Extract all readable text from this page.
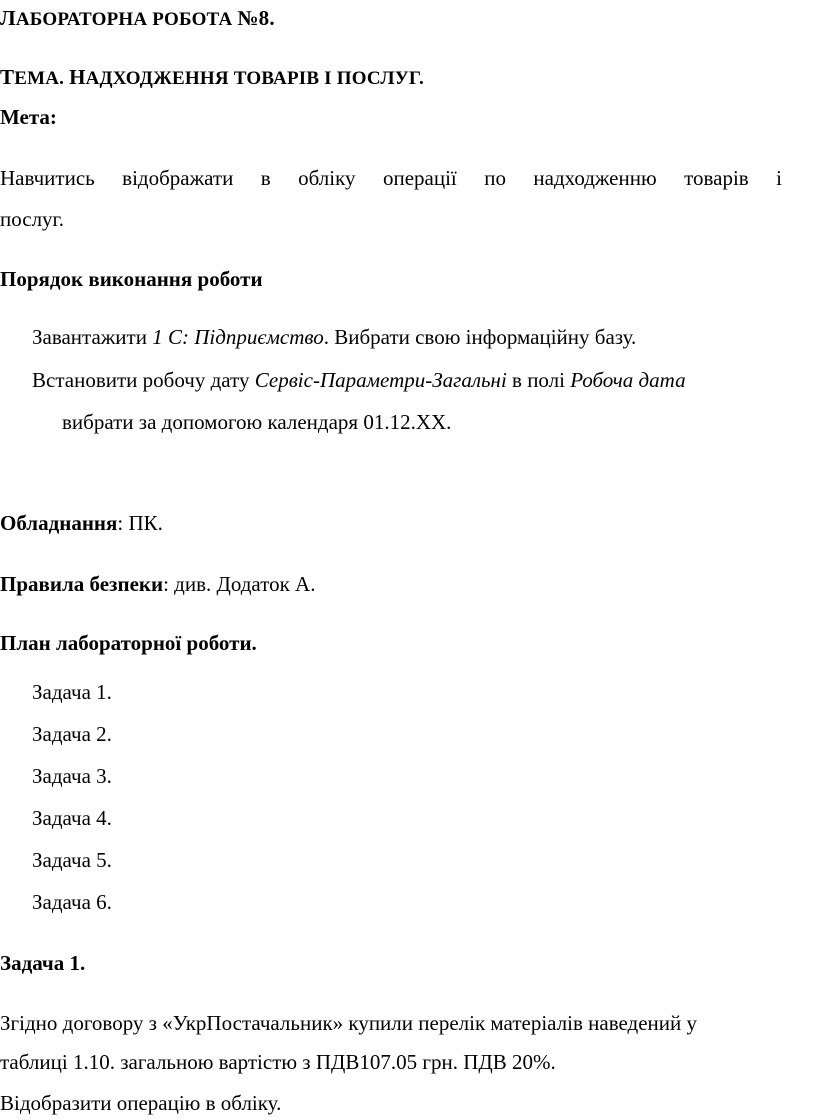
ЛАБОРАТОРНА РОБОТА №8.
ТЕМА. НАДХОДЖЕННЯ ТОВАРІВ І ПОСЛУГ.
Мета:
Навчитись відображати в обліку операції по надходженню товарів і
послуг.
Порядок виконання роботи
Завантажити 1 С: Підприємство. Вибрати свою інформаційну базу.
Встановити робочу дату Сервіс-Параметри-Загальні в полі Робоча дата
вибрати за допомогою календаря 01.12.ХХ.
Обладнання: ПК.
Правила безпеки: див. Додаток А.
План лабораторної роботи.
Задача 1.
Задача 2.
Задача 3.
Задача 4.
Задача 5.
Задача 6.
Задача 1.
Згідно договору з «УкрПостачальник» купили перелік матеріалів наведений у
таблиці 1.10. загальною вартістю з ПДВ107.05 грн. ПДВ 20%.
Відобразити операцію в обліку.
